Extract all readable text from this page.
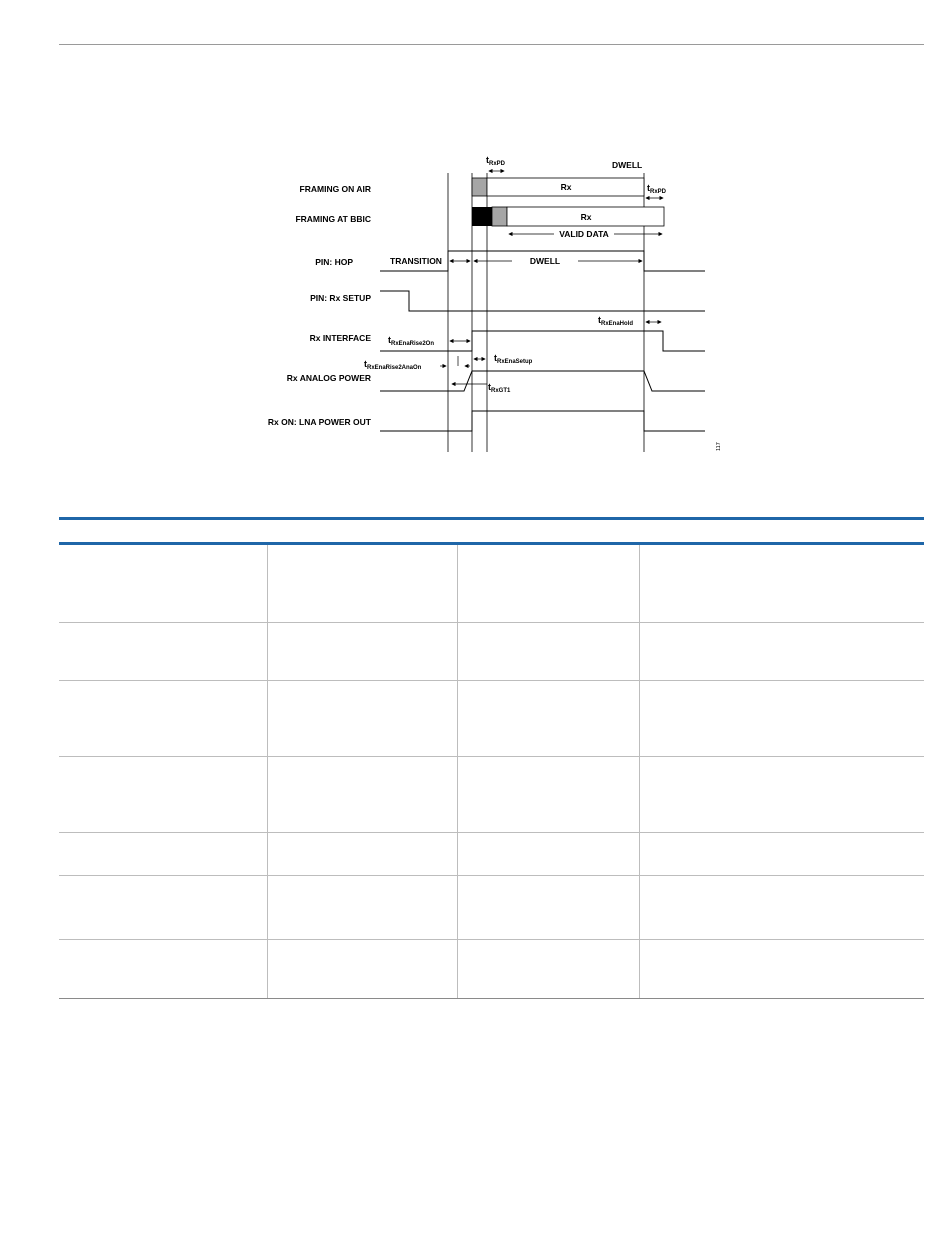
FRAMING ON AIR
FRAMING AT BBIC
PIN: HOP
PIN: Rx SETUP
Rx INTERFACE
Rx ANALOG POWER
Rx ON: LNA POWER OUT
Rx
DWELL
tRxPD
tRxPD
Rx
VALID DATA
TRANSITION	DWELL
tRxEnaHold
tRxEnaRise2On
tRxEnaRise2AnaOn
tRxEnaSetup
tRxGT1
117
